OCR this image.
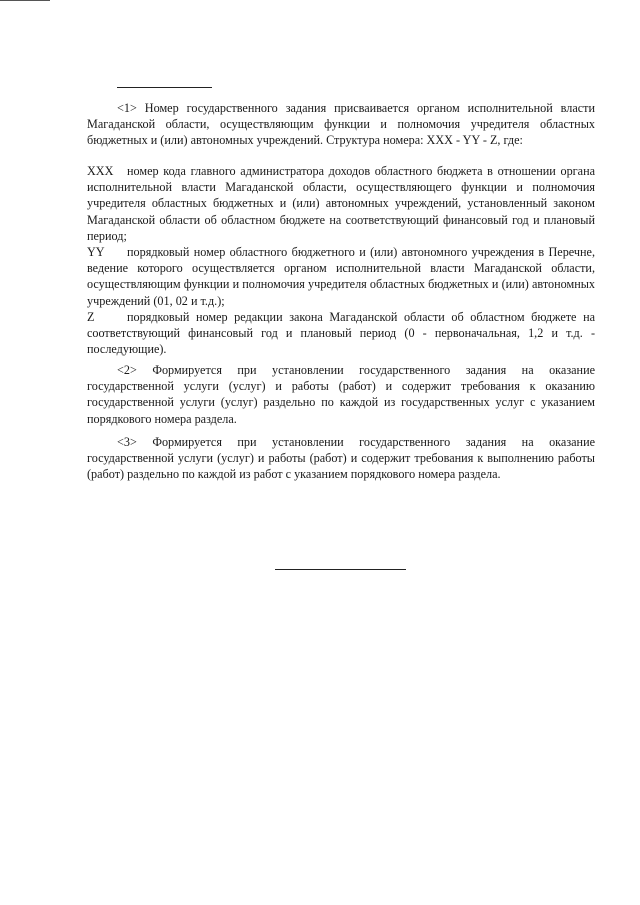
<1> Номер государственного задания присваивается органом исполнительной власти Магаданской области, осуществляющим функции и полномочия учредителя областных бюджетных и (или) автономных учреждений. Структура номера: XXX - YY - Z, где:

XXX номер кода главного администратора доходов областного бюджета в отношении органа исполнительной власти Магаданской области, осуществляющего функции и полномочия учредителя областных бюджетных и (или) автономных учреждений, установленный законом Магаданской области об областном бюджете на соответствующий финансовый год и плановый период;
YY порядковый номер областного бюджетного и (или) автономного учреждения в Перечне, ведение которого осуществляется органом исполнительной власти Магаданской области, осуществляющим функции и полномочия учредителя областных бюджетных и (или) автономных учреждений (01, 02 и т.д.);
Z	порядковый номер редакции закона Магаданской области об областном бюджете на соответствующий финансовый год и плановый период (0 - первоначальная, 1,2 и т.д. - последующие).

<2> Формируется при установлении государственного задания на оказание государственной услуги (услуг) и работы (работ) и содержит требования к оказанию государственной услуги (услуг) раздельно по каждой из государственных услуг с указанием порядкового номера раздела.

<3> Формируется при установлении государственного задания на оказание государственной услуги (услуг) и работы (работ) и содержит требования к выполнению работы (работ) раздельно по каждой из работ с указанием порядкового номера раздела.
